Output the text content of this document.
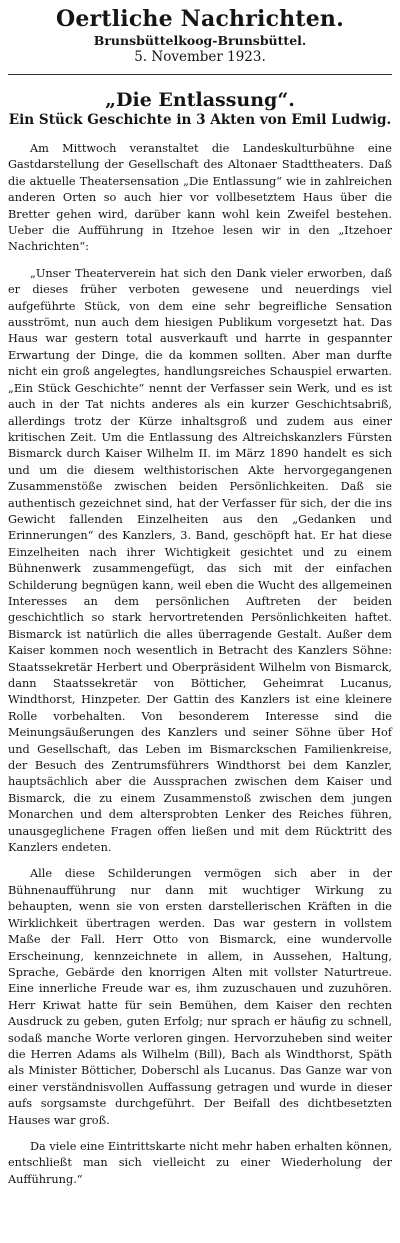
Oertliche Nachrichten.
Brunsbüttelkoog-Brunsbüttel.
5. November 1923.
„Die Entlassung“.
Ein Stück Geschichte in 3 Akten von Emil Ludwig.

Am Mittwoch veranstaltet die Landeskulturbühne eine Gastdarstellung der Gesellschaft des Altonaer Stadttheaters. Daß die aktuelle Theatersensation „Die Entlassung“ wie in zahlreichen anderen Orten so auch hier vor vollbesetztem Haus über die Bretter gehen wird, darüber kann wohl kein Zweifel bestehen. Ueber die Aufführung in Itzehoe lesen wir in den „Itzehoer Nachrichten“:

„Unser Theaterverein hat sich den Dank vieler erworben, daß er dieses früher verboten gewesene und neuerdings viel aufgeführte Stück, von dem eine sehr begreifliche Sensation ausströmt, nun auch dem hiesigen Publikum vorgesetzt hat. Das Haus war gestern total ausverkauft und harrte in gespannter Erwartung der Dinge, die da kommen sollten. Aber man durfte nicht ein groß angelegtes, handlungsreiches Schauspiel erwarten. „Ein Stück Geschichte“ nennt der Verfasser sein Werk, und es ist auch in der Tat nichts anderes als ein kurzer Geschichtsabriß, allerdings trotz der Kürze inhaltsgroß und zudem aus einer kritischen Zeit. Um die Entlassung des Altreichskanzlers Fürsten Bismarck durch Kaiser Wilhelm II. im März 1890 handelt es sich und um die diesem welthistorischen Akte hervorgegangenen Zusammenstöße zwischen beiden Persönlichkeiten. Daß sie authentisch gezeichnet sind, hat der Verfasser für sich, der die ins Gewicht fallenden Einzelheiten aus den „Gedanken und Erinnerungen“ des Kanzlers, 3. Band, geschöpft hat. Er hat diese Einzelheiten nach ihrer Wichtigkeit gesichtet und zu einem Bühnenwerk zusammengefügt, das sich mit der einfachen Schilderung begnügen kann, weil eben die Wucht des allgemeinen Interesses an dem persönlichen Auftreten der beiden geschichtlich so stark hervortretenden Persönlichkeiten haftet. Bismarck ist natürlich die alles überragende Gestalt. Außer dem Kaiser kommen noch wesentlich in Betracht des Kanzlers Söhne: Staatssekretär Herbert und Oberpräsident Wilhelm von Bismarck, dann Staatssekretär von Bötticher, Geheimrat Lucanus, Windthorst, Hinzpeter. Der Gattin des Kanzlers ist eine kleinere Rolle vorbehalten. Von besonderem Interesse sind die Meinungsäußerungen des Kanzlers und seiner Söhne über Hof und Gesellschaft, das Leben im Bismarckschen Familienkreise, der Besuch des Zentrumsführers Windthorst bei dem Kanzler, hauptsächlich aber die Aussprachen zwischen dem Kaiser und Bismarck, die zu einem Zusammenstoß zwischen dem jungen Monarchen und dem altersprobten Lenker des Reiches führen, unausgeglichene Fragen offen ließen und mit dem Rücktritt des Kanzlers endeten.

Alle diese Schilderungen vermögen sich aber in der Bühnenaufführung nur dann mit wuchtiger Wirkung zu behaupten, wenn sie von ersten darstellerischen Kräften in die Wirklichkeit übertragen werden. Das war gestern in vollstem Maße der Fall. Herr Otto von Bismarck, eine wundervolle Erscheinung, kennzeichnete in allem, in Aussehen, Haltung, Sprache, Gebärde den knorrigen Alten mit vollster Naturtreue. Eine innerliche Freude war es, ihm zuzuschauen und zuzuhören. Herr Kriwat hatte für sein Bemühen, dem Kaiser den rechten Ausdruck zu geben, guten Erfolg; nur sprach er häufig zu schnell, sodaß manche Worte verloren gingen. Hervorzuheben sind weiter die Herren Adams als Wilhelm (Bill), Bach als Windthorst, Späth als Minister Bötticher, Doberschl als Lucanus. Das Ganze war von einer verständnisvollen Auffassung getragen und wurde in dieser aufs sorgsamste durchgeführt. Der Beifall des dichtbesetzten Hauses war groß.

Da viele eine Eintrittskarte nicht mehr haben erhalten können, entschließt man sich vielleicht zu einer Wiederholung der Aufführung.“
